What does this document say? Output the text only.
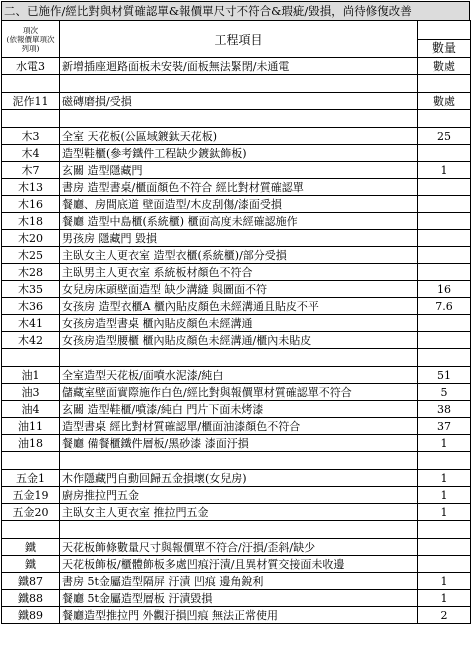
二、已施作/經比對與材質確認單&報價單尺寸不符合&瑕疵/毀損，尚待修復改善
項次
(依報價單項次
列項)	工程項目	數量

水電3	新增插座迴路面板未安裝/面板無法緊閉/未通電	數處

泥作11	磁磚磨損/受損	數處

木3	全室 天花板(公區域鍍鈦天花板)	25
木4	造型鞋櫃(參考鐵件工程缺少鍍鈦飾板)	
木7	玄關 造型隱藏門	1
木13	書房 造型書桌/櫃面顏色不符合 經比對材質確認單	
木16	餐廳、房間底道 壁面造型/木皮刮傷/漆面受損	
木18	餐廳 造型中島櫃(系統櫃) 櫃面高度未經確認施作	
木20	男孩房 隱藏門 毀損	
木25	主臥女主人更衣室 造型衣櫃(系統櫃)/部分受損	
木28	主臥男主人更衣室 系統板材顏色不符合	
木35	女兒房床頭壁面造型 缺少溝縫 與圖面不符	16
木36	女孩房 造型衣櫃A 櫃內貼皮顏色未經溝通且貼皮不平	7.6
木41	女孩房造型書桌 櫃內貼皮顏色未經溝通	
木42	女孩房造型腰櫃 櫃內貼皮顏色未經溝通/櫃內未貼皮	

油1	全室造型天花板/面噴水泥漆/純白	51
油3	儲藏室壁面實際施作白色/經比對與報價單材質確認單不符合	5
油4	玄關 造型鞋櫃/噴漆/純白 門片下面未烤漆	38
油11	造型書桌 經比對材質確認單/櫃面油漆顏色不符合	37
油18	餐廳 備餐櫃鐵件層板/黑砂漆 漆面汙損	1

五金1	木作隱藏門自動回歸五金損壞(女兒房)	1
五金19	廚房推拉門五金	1
五金20	主臥女主人更衣室 推拉門五金	1

鐵	天花板飾條數量尺寸與報價單不符合/汙損/歪斜/缺少	
鐵	天花板飾板/櫃體飾板多處凹痕汙漬/且異材質交接面未收邊	
鐵87	書房 5t金屬造型隔屏 汙漬 凹痕 邊角銳利	1
鐵88	餐廳 5t金屬造型層板 汙漬毀損	1
鐵89	餐廳造型推拉門 外觀汙損凹痕 無法正常使用	2
